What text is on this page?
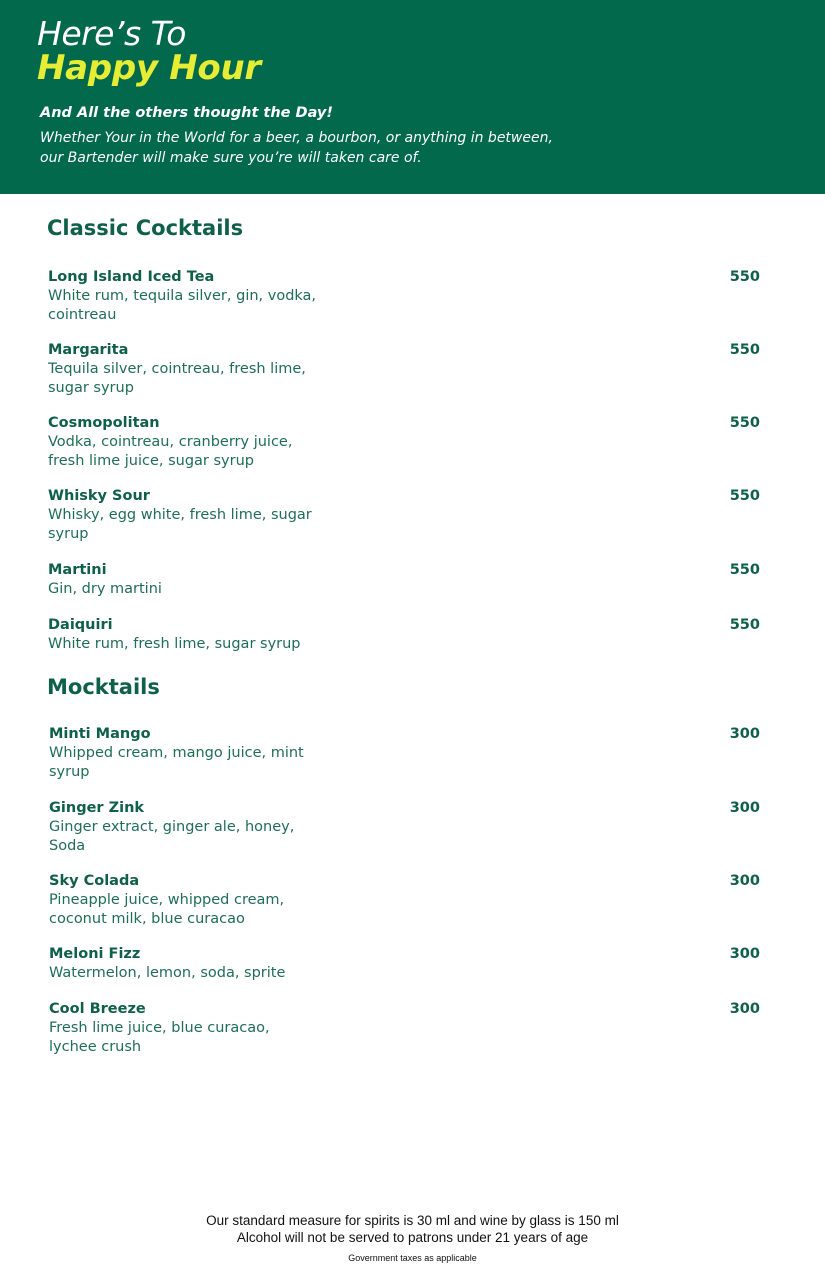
Here’s To
Happy Hour
And All the others thought the Day!
Whether Your in the World for a beer, a bourbon, or anything in between, our Bartender will make sure you’re will taken care of.
Classic Cocktails
Long Island Iced Tea
White rum, tequila silver, gin, vodka, cointreau
550
Margarita
Tequila silver, cointreau, fresh lime, sugar syrup
550
Cosmopolitan
Vodka, cointreau, cranberry juice, fresh lime juice, sugar syrup
550
Whisky Sour
Whisky, egg white, fresh lime, sugar syrup
550
Martini
Gin, dry martini
550
Daiquiri
White rum, fresh lime, sugar syrup
550
Mocktails
Minti Mango
Whipped cream, mango juice, mint syrup
300
Ginger Zink
Ginger extract, ginger ale, honey, Soda
300
Sky Colada
Pineapple juice, whipped cream, coconut milk, blue curacao
300
Meloni Fizz
Watermelon, lemon, soda, sprite
300
Cool Breeze
Fresh lime juice, blue curacao, lychee crush
300
Our standard measure for spirits is 30 ml and wine by glass is 150 ml
Alcohol will not be served to patrons under 21 years of age
Government taxes as applicable
